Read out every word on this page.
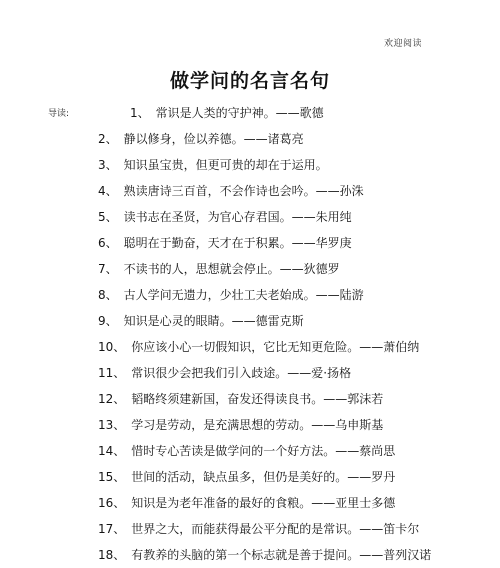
欢迎阅读
做学问的名言名句
导读:	1、 常识是人类的守护神。——歌德
2、 静以修身，俭以养德。——诸葛亮
3、 知识虽宝贵，但更可贵的却在于运用。
4、 熟读唐诗三百首，不会作诗也会吟。——孙洙
5、 读书志在圣贤，为官心存君国。——朱用纯
6、 聪明在于勤奋，天才在于积累。——华罗庚
7、 不读书的人，思想就会停止。——狄德罗
8、 古人学问无遗力，少壮工夫老始成。——陆游
9、 知识是心灵的眼睛。——德雷克斯
10、 你应该小心一切假知识，它比无知更危险。——萧伯纳
11、 常识很少会把我们引入歧途。——爱·扬格
12、 韬略终须建新国，奋发还得读良书。——郭沫若
13、 学习是劳动，是充满思想的劳动。——乌申斯基
14、 惜时专心苦读是做学问的一个好方法。——蔡尚思
15、 世间的活动，缺点虽多，但仍是美好的。——罗丹
16、 知识是为老年准备的最好的食粮。——亚里士多德
17、 世界之大，而能获得最公平分配的是常识。——笛卡尔
18、 有教养的头脑的第一个标志就是善于提问。——普列汉诺
